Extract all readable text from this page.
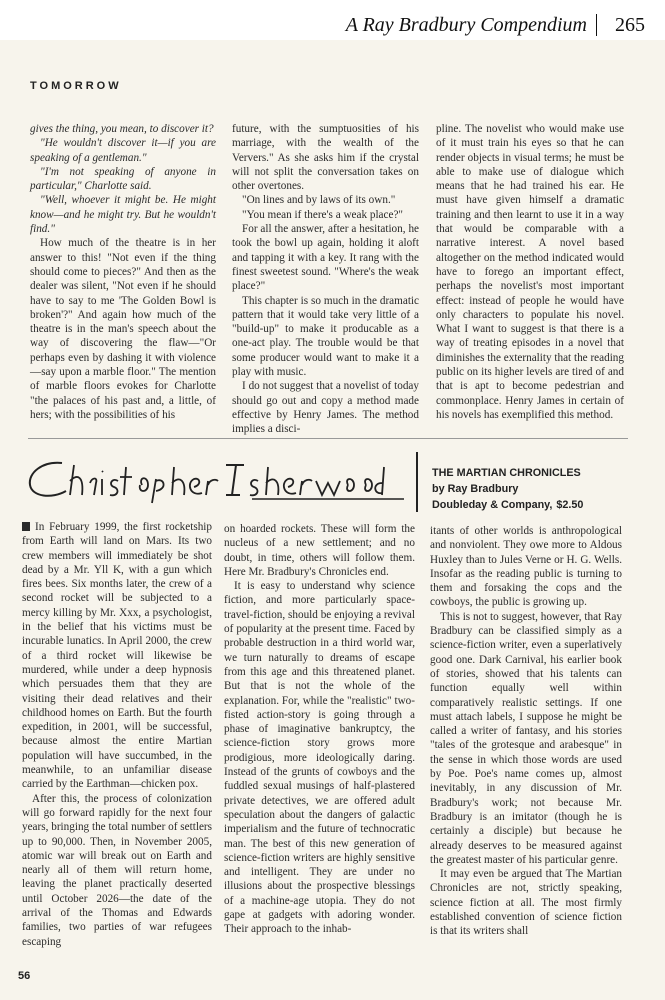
A Ray Bradbury Compendium 265
TOMORROW

gives the thing, you mean, to discover it?

"He wouldn't discover it—if you are speaking of a gentleman."

"I'm not speaking of anyone in particular," Charlotte said.

"Well, whoever it might be. He might know—and he might try. But he wouldn't find."

How much of the theatre is in her answer to this! "Not even if the thing should come to pieces?" And then as the dealer was silent, "Not even if he should have to say to me 'The Golden Bowl is broken'?" And again how much of the theatre is in the man's speech about the way of discovering the flaw—"Or perhaps even by dashing it with violence—say upon a marble floor." The mention of marble floors evokes for Charlotte "the palaces of his past and, a little, of hers; with the possibilities of his

future, with the sumptuosities of his marriage, with the wealth of the Ververs." As she asks him if the crystal will not split the conversation takes on other overtones.

"On lines and by laws of its own."

"You mean if there's a weak place?"

For all the answer, after a hesitation, he took the bowl up again, holding it aloft and tapping it with a key. It rang with the finest sweetest sound. "Where's the weak place?"

This chapter is so much in the dramatic pattern that it would take very little of a "build-up" to make it producable as a one-act play. The trouble would be that some producer would want to make it a play with music.

I do not suggest that a novelist of today should go out and copy a method made effective by Henry James. The method implies a disci-

pline. The novelist who would make use of it must train his eyes so that he can render objects in visual terms; he must be able to make use of dialogue which means that he had trained his ear. He must have given himself a dramatic training and then learnt to use it in a way that would be comparable with a narrative interest. A novel based altogether on the method indicated would have to forego an important effect, perhaps the novelist's most important effect: instead of people he would have only characters to populate his novel. What I want to suggest is that there is a way of treating episodes in a novel that diminishes the externality that the reading public on its higher levels are tired of and that is apt to become pedestrian and commonplace. Henry James in certain of his novels has exemplified this method.

THE MARTIAN CHRONICLES
by Ray Bradbury
Doubleday & Company, $2.50

In February 1999, the first rocketship from Earth will land on Mars. Its two crew members will immediately be shot dead by a Mr. Yll K, with a gun which fires bees. Six months later, the crew of a second rocket will be subjected to a mercy killing by Mr. Xxx, a psychologist, in the belief that his victims must be incurable lunatics. In April 2000, the crew of a third rocket will likewise be murdered, while under a deep hypnosis which persuades them that they are visiting their dead relatives and their childhood homes on Earth. But the fourth expedition, in 2001, will be successful, because almost the entire Martian population will have succumbed, in the meanwhile, to an unfamiliar disease carried by the Earthman—chicken pox.

After this, the process of colonization will go forward rapidly for the next four years, bringing the total number of settlers up to 90,000. Then, in November 2005, atomic war will break out on Earth and nearly all of them will return home, leaving the planet practically deserted until October 2026—the date of the arrival of the Thomas and Edwards families, two parties of war refugees escaping

on hoarded rockets. These will form the nucleus of a new settlement; and no doubt, in time, others will follow them. Here Mr. Bradbury's Chronicles end.

It is easy to understand why science fiction, and more particularly space-travel-fiction, should be enjoying a revival of popularity at the present time. Faced by probable destruction in a third world war, we turn naturally to dreams of escape from this age and this threatened planet. But that is not the whole of the explanation. For, while the "realistic" two-fisted action-story is going through a phase of imaginative bankruptcy, the science-fiction story grows more prodigious, more ideologically daring. Instead of the grunts of cowboys and the fuddled sexual musings of half-plastered private detectives, we are offered adult speculation about the dangers of galactic imperialism and the future of technocratic man. The best of this new generation of science-fiction writers are highly sensitive and intelligent. They are under no illusions about the prospective blessings of a machine-age utopia. They do not gape at gadgets with adoring wonder. Their approach to the inhab-

itants of other worlds is anthropological and nonviolent. They owe more to Aldous Huxley than to Jules Verne or H. G. Wells. Insofar as the reading public is turning to them and forsaking the cops and the cowboys, the public is growing up.

This is not to suggest, however, that Ray Bradbury can be classified simply as a science-fiction writer, even a superlatively good one. Dark Carnival, his earlier book of stories, showed that his talents can function equally well within comparatively realistic settings. If one must attach labels, I suppose he might be called a writer of fantasy, and his stories "tales of the grotesque and arabesque" in the sense in which those words are used by Poe. Poe's name comes up, almost inevitably, in any discussion of Mr. Bradbury's work; not because Mr. Bradbury is an imitator (though he is certainly a disciple) but because he already deserves to be measured against the greatest master of his particular genre.

It may even be argued that The Martian Chronicles are not, strictly speaking, science fiction at all. The most firmly established convention of science fiction is that its writers shall

56
